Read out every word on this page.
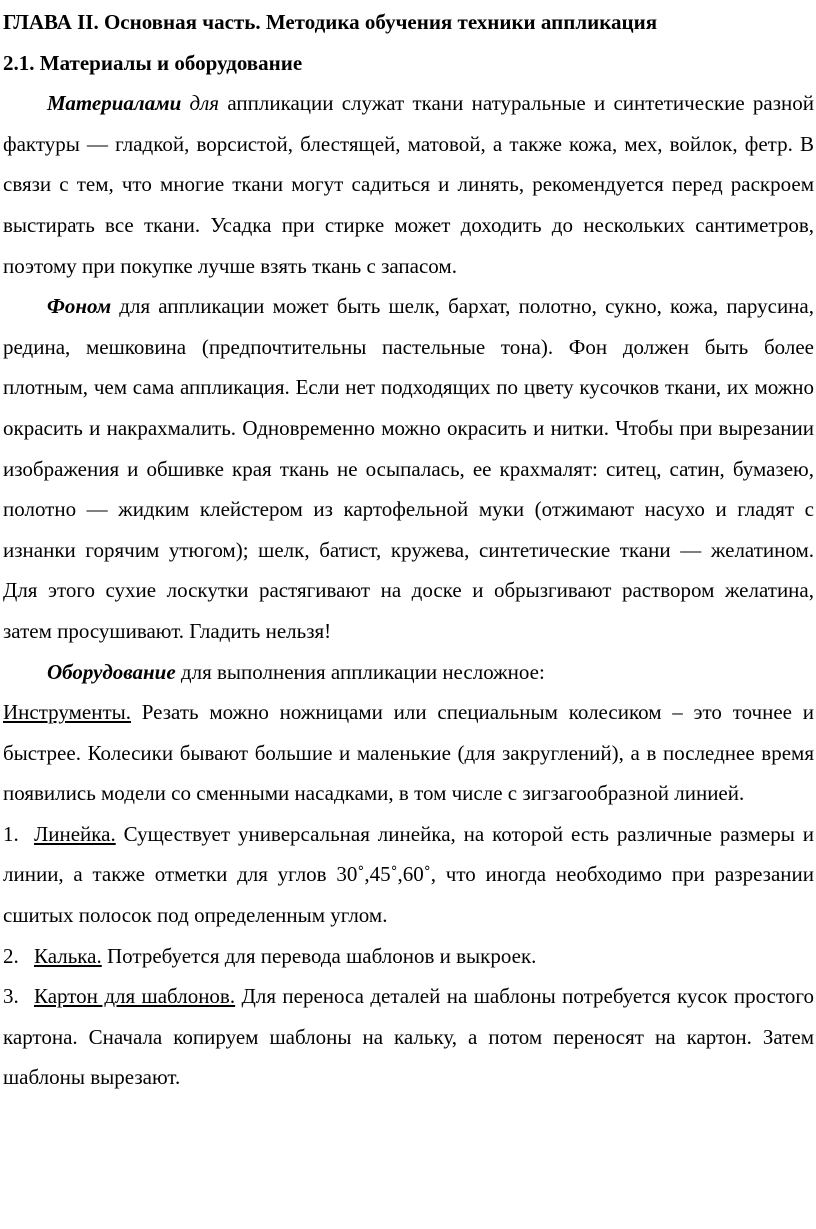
ГЛАВА II. Основная часть. Методика обучения техники аппликация
2.1. Материалы и оборудование

Материалами для аппликации служат ткани натуральные и синтетические разной фактуры — гладкой, ворсистой, блестящей, матовой, а также кожа, мех, войлок, фетр. В связи с тем, что многие ткани могут садиться и линять, рекомендуется перед раскроем выстирать все ткани. Усадка при стирке может доходить до нескольких сантиметров, поэтому при покупке лучше взять ткань с запасом.

Фоном для аппликации может быть шелк, бархат, полотно, сукно, кожа, парусина, редина, мешковина (предпочтительны пастельные тона). Фон должен быть более плотным, чем сама аппликация. Если нет подходящих по цвету кусочков ткани, их можно окрасить и накрахмалить. Одновременно можно окрасить и нитки. Чтобы при вырезании изображения и обшивке края ткань не осыпалась, ее крахмалят: ситец, сатин, бумазею, полотно — жидким клейстером из картофельной муки (отжимают насухо и гладят с изнанки горячим утюгом); шелк, батист, кружева, синтетические ткани — желатином. Для этого сухие лоскутки растягивают на доске и обрызгивают раствором желатина, затем просушивают. Гладить нельзя!

Оборудование для выполнения аппликации несложное:

Инструменты. Резать можно ножницами или специальным колесиком – это точнее и быстрее. Колесики бывают большие и маленькие (для закруглений), а в последнее время появились модели со сменными насадками, в том числе с зигзагообразной линией.

1. Линейка. Существует универсальная линейка, на которой есть различные размеры и линии, а также отметки для углов 30˚,45˚,60˚, что иногда необходимо при разрезании сшитых полосок под определенным углом.

2. Калька. Потребуется для перевода шаблонов и выкроек.

3. Картон для шаблонов. Для переноса деталей на шаблоны потребуется кусок простого картона. Сначала копируем шаблоны на кальку, а потом переносят на картон. Затем шаблоны вырезают.
